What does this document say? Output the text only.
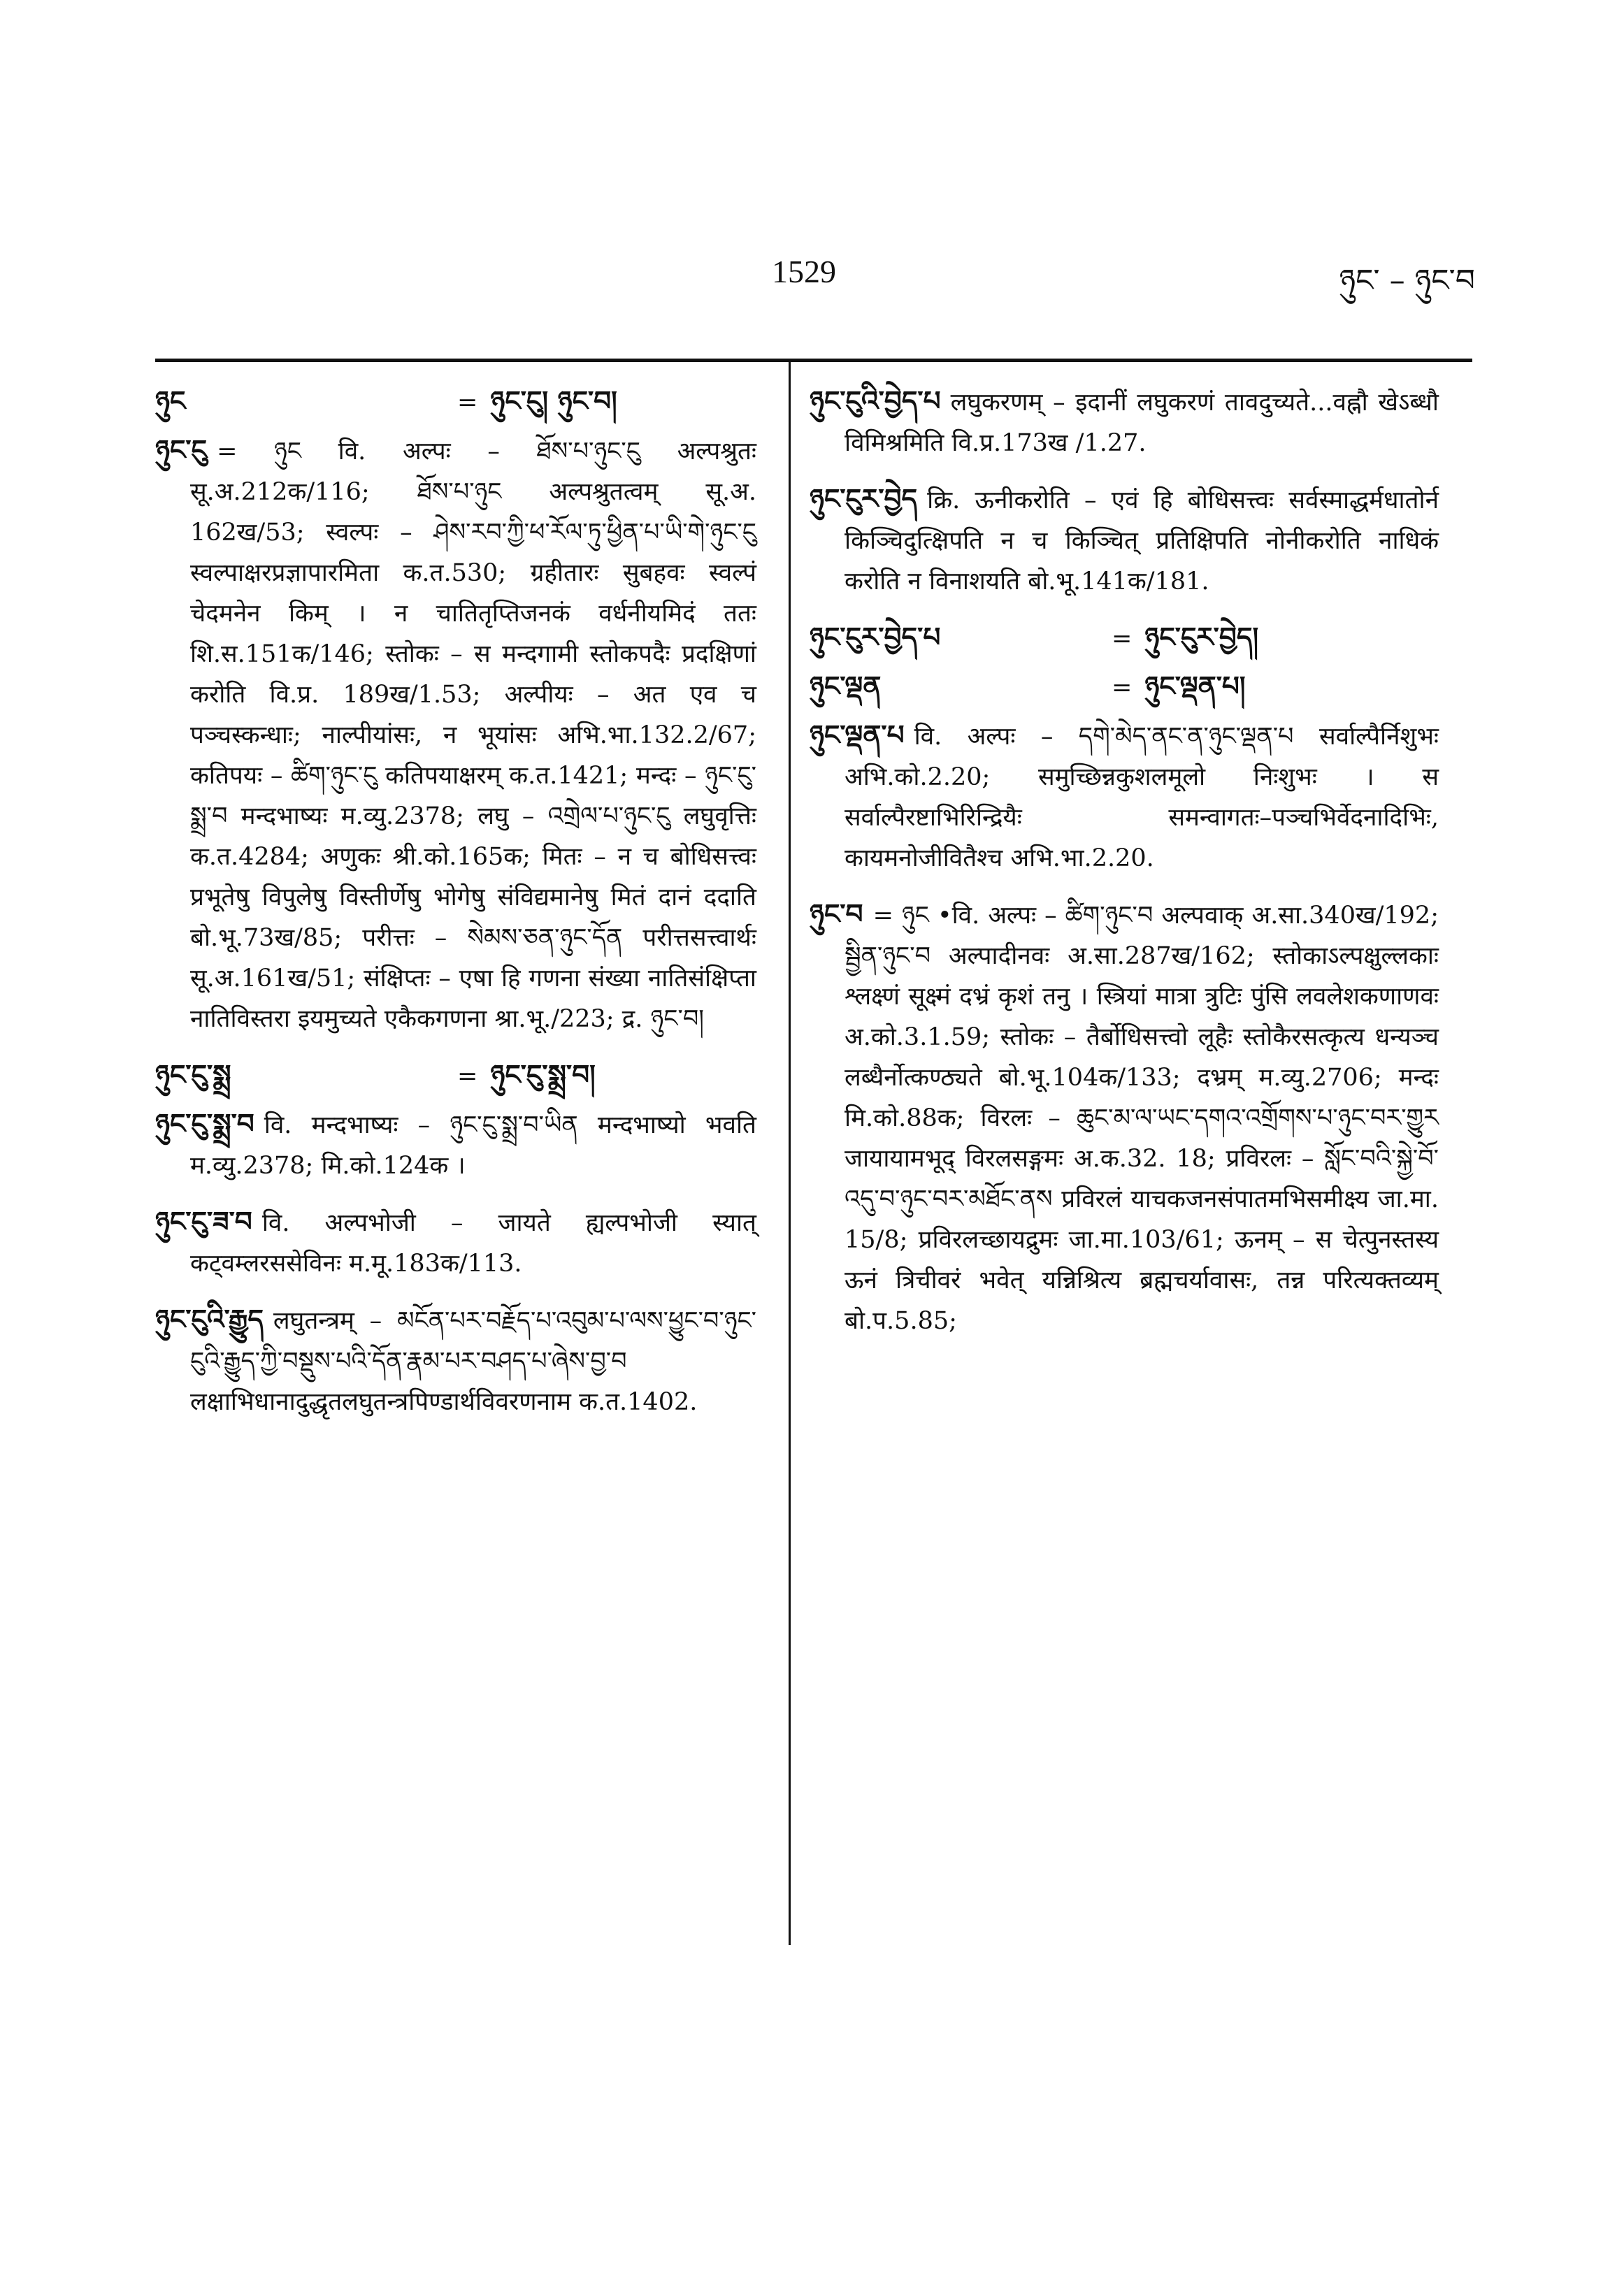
1529	ཉུང་ – ཉུང་བ
ཉུང	= ཉུང་ངུ། ཉུང་བ།
ཉུང་ངུ = ཉུང वि. अल्पः – ཐོས་པ་ཉུང་ངུ अल्पश्रुतः सू.अ.212क/116; ཐོས་པ་ཉུང अल्पश्रुतत्वम् सू.अ. 162ख/53; स्वल्पः – ཤེས་རབ་ཀྱི་ཕ་རོལ་ཏུ་ཕྱིན་པ་ཡི་གེ་ཉུང་ངུ स्वल्पाक्षरप्रज्ञापारमिता क.त.530; ग्रहीतारः सुबहवः स्वल्पं चेदमनेन किम् । न चातितृप्तिजनकं वर्धनीयमिदं ततः शि.स.151क/146; स्तोकः – स मन्दगामी स्तोकपदैः प्रदक्षिणां करोति वि.प्र. 189ख/1.53; अल्पीयः – अत एव च पञ्चस्कन्धाः; नाल्पीयांसः, न भूयांसः अभि.भा.132.2/67; कतिपयः – ཚིག་ཉུང་ངུ कतिपयाक्षरम् क.त.1421; मन्दः – ཉུང་ངུ་སྨྲ་བ मन्दभाष्यः म.व्यु.2378; लघु – འགྲེལ་པ་ཉུང་ངུ लघुवृत्तिः क.त.4284; अणुकः श्री.को.165क; मितः – न च बोधिसत्त्वः प्रभूतेषु विपुलेषु विस्तीर्णेषु भोगेषु संविद्यमानेषु मितं दानं ददाति बो.भू.73ख/85; परीत्तः – སེམས་ཅན་ཉུང་དོན परीत्तसत्त्वार्थः सू.अ.161ख/51; संक्षिप्तः – एषा हि गणना संख्या नातिसंक्षिप्ता नातिविस्तरा इयमुच्यते एकैकगणना श्रा.भू./223; द्र. ཉུང་བ།
ཉུང་ངུ་སྨྲ	= ཉུང་ངུ་སྨྲ་བ།
ཉུང་ངུ་སྨྲ་བ वि. मन्दभाष्यः – ཉུང་ངུ་སྨྲ་བ་ཡིན मन्दभाष्यो भवति म.व्यु.2378; मि.को.124क ।
ཉུང་ངུ་ཟ་བ वि. अल्पभोजी – जायते ह्यल्पभोजी स्यात् कट्वम्लरससेविनः म.मू.183क/113.
ཉུང་ངུའི་རྒྱུད लघुतन्त्रम् – མངོན་པར་བརྗོད་པ་འབུམ་པ་ལས་ཕྱུང་བ་ཉུང་ངུའི་རྒྱུད་ཀྱི་བསྡུས་པའི་དོན་རྣམ་པར་བཤད་པ་ཞེས་བྱ་བ लक्षाभिधानादुद्धृतलघुतन्त्रपिण्डार्थविवरणनाम क.त.1402.
ཉུང་ངུའི་བྱེད་པ लघुकरणम् – इदानीं लघुकरणं तावदुच्यते...वह्नौ खेऽब्धौ विमिश्रमिति वि.प्र.173ख /1.27.
ཉུང་ངུར་བྱེད क्रि. ऊनीकरोति – एवं हि बोधिसत्त्वः सर्वस्माद्धर्मधातोर्न किञ्चिदुत्क्षिपति न च किञ्चित् प्रतिक्षिपति नोनीकरोति नाधिकं करोति न विनाशयति बो.भू.141क/181.
ཉུང་ངུར་བྱེད་པ	= ཉུང་ངུར་བྱེད།
ཉུང་ལྡན	= ཉུང་ལྡན་པ།
ཉུང་ལྡན་པ वि. अल्पः – དགེ་མེད་ནང་ན་ཉུང་ལྡན་པ सर्वाल्पैर्निशुभः अभि.को.2.20; समुच्छिन्नकुशलमूलो निःशुभः । स सर्वाल्पैरष्टाभिरिन्द्रियैः समन्वागतः–पञ्चभिर्वेदनादिभिः, कायमनोजीवितैश्च अभि.भा.2.20.
ཉུང་བ = ཉུང •वि. अल्पः – ཚིག་ཉུང་བ अल्पवाक् अ.सा.340ख/192; སྦྱིན་ཉུང་བ अल्पादीनवः अ.सा.287ख/162; स्तोकाऽल्पक्षुल्लकाः श्लक्ष्णं सूक्ष्मं दभ्रं कृशं तनु । स्त्रियां मात्रा त्रुटिः पुंसि लवलेशकणाणवः अ.को.3.1.59; स्तोकः – तैर्बोधिसत्त्वो लूहैः स्तोकैरसत्कृत्य धन्यञ्च लब्धैर्नोत्कण्ठ्यते बो.भू.104क/133; दभ्रम् म.व्यु.2706; मन्दः मि.को.88क; विरलः – ཆུང་མ་ལ་ཡང་དགའ་འགྲོགས་པ་ཉུང་བར་གྱུར जायायामभूद् विरलसङ्गमः अ.क.32. 18; प्रविरलः – སློང་བའི་སྐྱེ་བོ་འདུ་བ་ཉུང་བར་མཐོང་ནས प्रविरलं याचकजनसंपातमभिसमीक्ष्य जा.मा. 15/8; प्रविरलच्छायद्रुमः जा.मा.103/61; ऊनम् – स चेत्पुनस्तस्य ऊनं त्रिचीवरं भवेत् यन्निश्रित्य ब्रह्मचर्यावासः, तन्न परित्यक्तव्यम् बो.प.5.85;
